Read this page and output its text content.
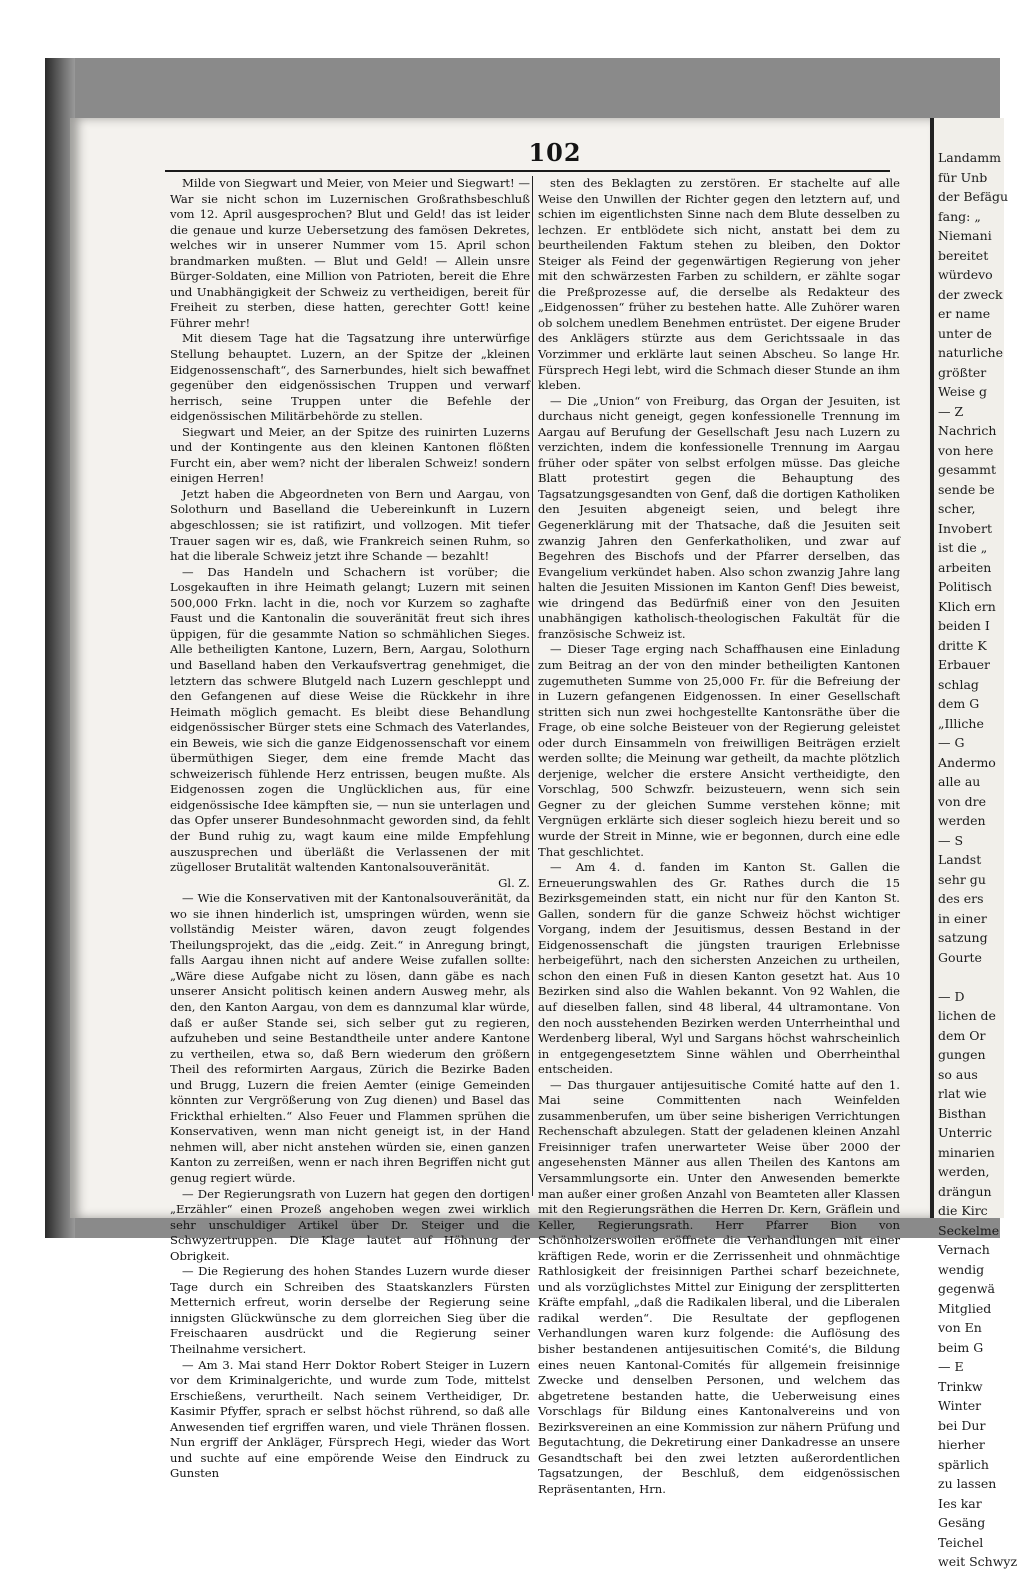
102

Milde von Siegwart und Meier, von Meier und Siegwart! — War sie nicht schon im Luzernischen Großrathsbeschluß vom 12. April ausgesprochen? Blut und Geld! das ist leider die genaue und kurze Uebersetzung des famösen Dekretes, welches wir in unserer Nummer vom 15. April schon brandmarken mußten. — Blut und Geld! — Allein unsre Bürger-Soldaten, eine Million von Patrioten, bereit die Ehre und Unabhängigkeit der Schweiz zu vertheidigen, bereit für Freiheit zu sterben, diese hatten, gerechter Gott! keine Führer mehr!

Mit diesem Tage hat die Tagsatzung ihre unterwürfige Stellung behauptet. Luzern, an der Spitze der „kleinen Eidgenossenschaft“, des Sarnerbundes, hielt sich bewaffnet gegenüber den eidgenössischen Truppen und verwarf herrisch, seine Truppen unter die Befehle der eidgenössischen Militärbehörde zu stellen.

Siegwart und Meier, an der Spitze des ruinirten Luzerns und der Kontingente aus den kleinen Kantonen flößten Furcht ein, aber wem? nicht der liberalen Schweiz! sondern einigen Herren!

Jetzt haben die Abgeordneten von Bern und Aargau, von Solothurn und Baselland die Uebereinkunft in Luzern abgeschlossen; sie ist ratifizirt, und vollzogen. Mit tiefer Trauer sagen wir es, daß, wie Frankreich seinen Ruhm, so hat die liberale Schweiz jetzt ihre Schande — bezahlt!

— Das Handeln und Schachern ist vorüber; die Losgekauften in ihre Heimath gelangt; Luzern mit seinen 500,000 Frkn. lacht in die, noch vor Kurzem so zaghafte Faust und die Kantonalin die souveränität freut sich ihres üppigen, für die gesammte Nation so schmählichen Sieges. Alle betheiligten Kantone, Luzern, Bern, Aargau, Solothurn und Baselland haben den Verkaufsvertrag genehmiget, die letztern das schwere Blutgeld nach Luzern geschleppt und den Gefangenen auf diese Weise die Rückkehr in ihre Heimath möglich gemacht. Es bleibt diese Behandlung eidgenössischer Bürger stets eine Schmach des Vaterlandes, ein Beweis, wie sich die ganze Eidgenossenschaft vor einem übermüthigen Sieger, dem eine fremde Macht das schweizerisch fühlende Herz entrissen, beugen mußte. Als Eidgenossen zogen die Unglücklichen aus, für eine eidgenössische Idee kämpften sie, — nun sie unterlagen und das Opfer unserer Bundesohnmacht geworden sind, da fehlt der Bund ruhig zu, wagt kaum eine milde Empfehlung auszusprechen und überläßt die Verlassenen der mit zügelloser Brutalität waltenden Kantonalsouveränität.

Gl. Z.

— Wie die Konservativen mit der Kantonalsouveränität, da wo sie ihnen hinderlich ist, umspringen würden, wenn sie vollständig Meister wären, davon zeugt folgendes Theilungsprojekt, das die „eidg. Zeit.“ in Anregung bringt, falls Aargau ihnen nicht auf andere Weise zufallen sollte: „Wäre diese Aufgabe nicht zu lösen, dann gäbe es nach unserer Ansicht politisch keinen andern Ausweg mehr, als den, den Kanton Aargau, von dem es dannzumal klar würde, daß er außer Stande sei, sich selber gut zu regieren, aufzuheben und seine Bestandtheile unter andere Kantone zu vertheilen, etwa so, daß Bern wiederum den größern Theil des reformirten Aargaus, Zürich die Bezirke Baden und Brugg, Luzern die freien Aemter (einige Gemeinden könnten zur Vergrößerung von Zug dienen) und Basel das Frickthal erhielten.“ Also Feuer und Flammen sprühen die Konservativen, wenn man nicht geneigt ist, in der Hand nehmen will, aber nicht anstehen würden sie, einen ganzen Kanton zu zerreißen, wenn er nach ihren Begriffen nicht gut genug regiert würde.

— Der Regierungsrath von Luzern hat gegen den dortigen „Erzähler“ einen Prozeß angehoben wegen zwei wirklich sehr unschuldiger Artikel über Dr. Steiger und die Schwyzertruppen. Die Klage lautet auf Höhnung der Obrigkeit.

— Die Regierung des hohen Standes Luzern wurde dieser Tage durch ein Schreiben des Staatskanzlers Fürsten Metternich erfreut, worin derselbe der Regierung seine innigsten Glückwünsche zu dem glorreichen Sieg über die Freischaaren ausdrückt und die Regierung seiner Theilnahme versichert.

— Am 3. Mai stand Herr Doktor Robert Steiger in Luzern vor dem Kriminalgerichte, und wurde zum Tode, mittelst Erschießens, verurtheilt. Nach seinem Vertheidiger, Dr. Kasimir Pfyffer, sprach er selbst höchst rührend, so daß alle Anwesenden tief ergriffen waren, und viele Thränen flossen. Nun ergriff der Ankläger, Fürsprech Hegi, wieder das Wort und suchte auf eine empörende Weise den Eindruck zu Gunsten

sten des Beklagten zu zerstören. Er stachelte auf alle Weise den Unwillen der Richter gegen den letztern auf, und schien im eigentlichsten Sinne nach dem Blute desselben zu lechzen. Er entblödete sich nicht, anstatt bei dem zu beurtheilenden Faktum stehen zu bleiben, den Doktor Steiger als Feind der gegenwärtigen Regierung von jeher mit den schwärzesten Farben zu schildern, er zählte sogar die Preßprozesse auf, die derselbe als Redakteur des „Eidgenossen“ früher zu bestehen hatte. Alle Zuhörer waren ob solchem unedlem Benehmen entrüstet. Der eigene Bruder des Anklägers stürzte aus dem Gerichtssaale in das Vorzimmer und erklärte laut seinen Abscheu. So lange Hr. Fürsprech Hegi lebt, wird die Schmach dieser Stunde an ihm kleben.

— Die „Union“ von Freiburg, das Organ der Jesuiten, ist durchaus nicht geneigt, gegen konfessionelle Trennung im Aargau auf Berufung der Gesellschaft Jesu nach Luzern zu verzichten, indem die konfessionelle Trennung im Aargau früher oder später von selbst erfolgen müsse. Das gleiche Blatt protestirt gegen die Behauptung des Tagsatzungsgesandten von Genf, daß die dortigen Katholiken den Jesuiten abgeneigt seien, und belegt ihre Gegenerklärung mit der Thatsache, daß die Jesuiten seit zwanzig Jahren den Genferkatholiken, und zwar auf Begehren des Bischofs und der Pfarrer derselben, das Evangelium verkündet haben. Also schon zwanzig Jahre lang halten die Jesuiten Missionen im Kanton Genf! Dies beweist, wie dringend das Bedürfniß einer von den Jesuiten unabhängigen katholisch-theologischen Fakultät für die französische Schweiz ist.

— Dieser Tage erging nach Schaffhausen eine Einladung zum Beitrag an der von den minder betheiligten Kantonen zugemutheten Summe von 25,000 Fr. für die Befreiung der in Luzern gefangenen Eidgenossen. In einer Gesellschaft stritten sich nun zwei hochgestellte Kantonsräthe über die Frage, ob eine solche Beisteuer von der Regierung geleistet oder durch Einsammeln von freiwilligen Beiträgen erzielt werden sollte; die Meinung war getheilt, da machte plötzlich derjenige, welcher die erstere Ansicht vertheidigte, den Vorschlag, 500 Schwzfr. beizusteuern, wenn sich sein Gegner zu der gleichen Summe verstehen könne; mit Vergnügen erklärte sich dieser sogleich hiezu bereit und so wurde der Streit in Minne, wie er begonnen, durch eine edle That geschlichtet.

— Am 4. d. fanden im Kanton St. Gallen die Erneuerungswahlen des Gr. Rathes durch die 15 Bezirksgemeinden statt, ein nicht nur für den Kanton St. Gallen, sondern für die ganze Schweiz höchst wichtiger Vorgang, indem der Jesuitismus, dessen Bestand in der Eidgenossenschaft die jüngsten traurigen Erlebnisse herbeigeführt, nach den sichersten Anzeichen zu urtheilen, schon den einen Fuß in diesen Kanton gesetzt hat. Aus 10 Bezirken sind also die Wahlen bekannt. Von 92 Wahlen, die auf dieselben fallen, sind 48 liberal, 44 ultramontane. Von den noch ausstehenden Bezirken werden Unterrheinthal und Werdenberg liberal, Wyl und Sargans höchst wahrscheinlich in entgegengesetztem Sinne wählen und Oberrheinthal entscheiden.

— Das thurgauer antijesuitische Comité hatte auf den 1. Mai seine Committenten nach Weinfelden zusammenberufen, um über seine bisherigen Verrichtungen Rechenschaft abzulegen. Statt der geladenen kleinen Anzahl Freisinniger trafen unerwarteter Weise über 2000 der angesehensten Männer aus allen Theilen des Kantons am Versammlungsorte ein. Unter den Anwesenden bemerkte man außer einer großen Anzahl von Beamteten aller Klassen mit den Regierungsräthen die Herren Dr. Kern, Gräflein und Keller, Regierungsrath. Herr Pfarrer Bion von Schönholzerswoilen eröffnete die Verhandlungen mit einer kräftigen Rede, worin er die Zerrissenheit und ohnmächtige Rathlosigkeit der freisinnigen Parthei scharf bezeichnete, und als vorzüglichstes Mittel zur Einigung der zersplitterten Kräfte empfahl, „daß die Radikalen liberal, und die Liberalen radikal werden“. Die Resultate der gepflogenen Verhandlungen waren kurz folgende: die Auflösung des bisher bestandenen antijesuitischen Comité's, die Bildung eines neuen Kantonal-Comités für allgemein freisinnige Zwecke und denselben Personen, und welchem das abgetretene bestanden hatte, die Ueberweisung eines Vorschlags für Bildung eines Kantonalvereins und von Bezirksvereinen an eine Kommission zur nähern Prüfung und Begutachtung, die Dekretirung einer Dankadresse an unsere Gesandtschaft bei den zwei letzten außerordentlichen Tagsatzungen, der Beschluß, dem eidgenössischen Repräsentanten, Hrn.

Landamm
für Unb
der Befägu
fang: „
Niemani
bereitet
würdevo
der zweck
er name
unter de
naturliche
größter
Weise g
— Z
Nachrich
von here
gesammt
sende be
scher,
Invobert
ist die „
arbeiten
Politisch
Klich ern
beiden I
dritte K
Erbauer
schlag
dem G
„Illiche
— G
Andermo
alle au
von dre
werden
— S
Landst
sehr gu
des ers
in einer
satzung
Gourte

— D
lichen de
dem Or
gungen
so aus
rlat wie
Bisthan
Unterric
minarien
werden,
drängun
die Kirc
Seckelme
Vernach
wendig
gegenwä
Mitglied
von En
beim G
— E
Trinkw
Winter
bei Dur
hierher
spärlich
zu lassen
Ies kar
Gesäng
Teichel
weit Schwyz
